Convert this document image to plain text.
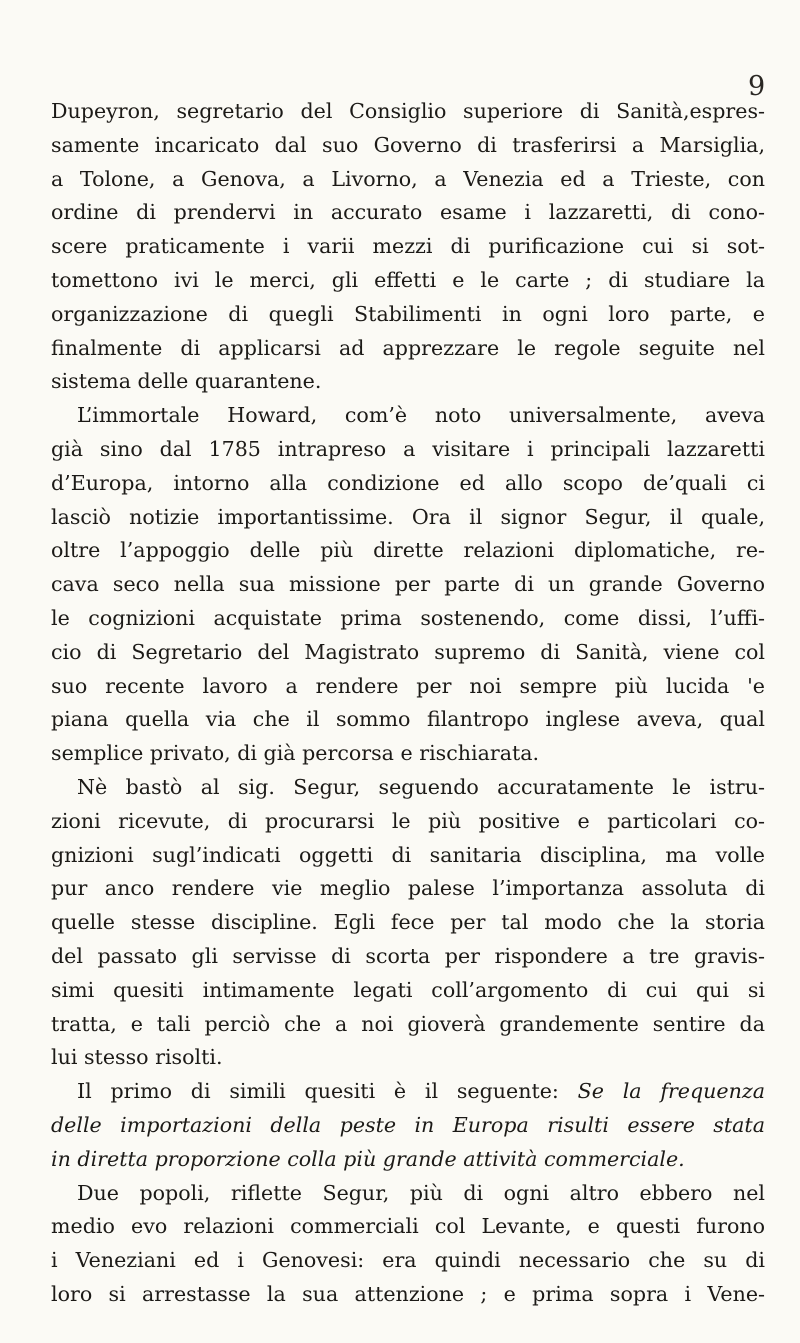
9
Dupeyron, segretario del Consiglio superiore di Sanità,espres-
samente incaricato dal suo Governo di trasferirsi a Marsiglia,
a Tolone, a Genova, a Livorno, a Venezia ed a Trieste, con
ordine di prendervi in accurato esame i lazzaretti, di cono-
scere praticamente i varii mezzi di purificazione cui si sot-
tomettono ivi le merci, gli effetti e le carte ; di studiare la
organizzazione di quegli Stabilimenti in ogni loro parte, e
finalmente di applicarsi ad apprezzare le regole seguite nel
sistema delle quarantene.
L’immortale Howard, com’è noto universalmente, aveva
già sino dal 1785 intrapreso a visitare i principali lazzaretti
d’Europa, intorno alla condizione ed allo scopo de’quali ci
lasciò notizie importantissime. Ora il signor Segur, il quale,
oltre l’appoggio delle più dirette relazioni diplomatiche, re-
cava seco nella sua missione per parte di un grande Governo
le cognizioni acquistate prima sostenendo, come dissi, l’uffi-
cio di Segretario del Magistrato supremo di Sanità, viene col
suo recente lavoro a rendere per noi sempre più lucida 'e
piana quella via che il sommo filantropo inglese aveva, qual
semplice privato, di già percorsa e rischiarata.
Nè bastò al sig. Segur, seguendo accuratamente le istru-
zioni ricevute, di procurarsi le più positive e particolari co-
gnizioni sugl’indicati oggetti di sanitaria disciplina, ma volle
pur anco rendere vie meglio palese l’importanza assoluta di
quelle stesse discipline. Egli fece per tal modo che la storia
del passato gli servisse di scorta per rispondere a tre gravis-
simi quesiti intimamente legati coll’argomento di cui qui si
tratta, e tali perciò che a noi gioverà grandemente sentire da
lui stesso risolti.
Il primo di simili quesiti è il seguente: Se la frequenza
delle importazioni della peste in Europa risulti essere stata
in diretta proporzione colla più grande attività commerciale.
Due popoli, riflette Segur, più di ogni altro ebbero nel
medio evo relazioni commerciali col Levante, e questi furono
i Veneziani ed i Genovesi: era quindi necessario che su di
loro si arrestasse la sua attenzione ; e prima sopra i Vene-
